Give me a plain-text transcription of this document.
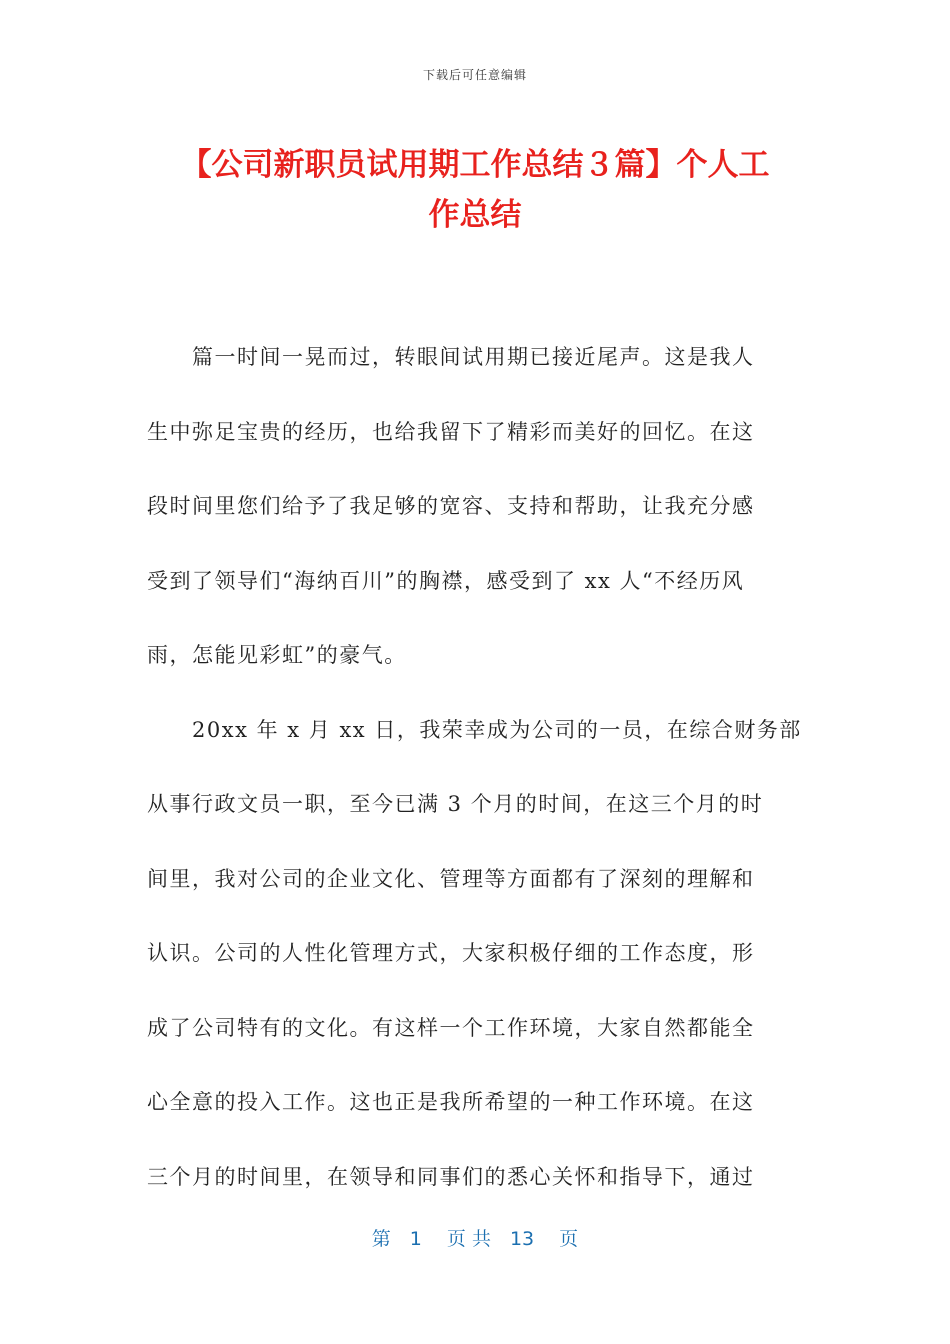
下载后可任意编辑
【公司新职员试用期工作总结３篇】个人工
作总结

　　篇一时间一晃而过，转眼间试用期已接近尾声。这是我人
生中弥足宝贵的经历，也给我留下了精彩而美好的回忆。在这
段时间里您们给予了我足够的宽容、支持和帮助，让我充分感
受到了领导们“海纳百川”的胸襟，感受到了 xx 人“不经历风
雨，怎能见彩虹”的豪气。

　　20xx 年 x 月 xx 日，我荣幸成为公司的一员，在综合财务部
从事行政文员一职，至今已满 3 个月的时间，在这三个月的时
间里，我对公司的企业文化、管理等方面都有了深刻的理解和
认识。公司的人性化管理方式，大家积极仔细的工作态度，形
成了公司特有的文化。有这样一个工作环境，大家自然都能全
心全意的投入工作。这也正是我所希望的一种工作环境。在这
三个月的时间里，在领导和同事们的悉心关怀和指导下，通过

第　1　 页 共　13　 页
